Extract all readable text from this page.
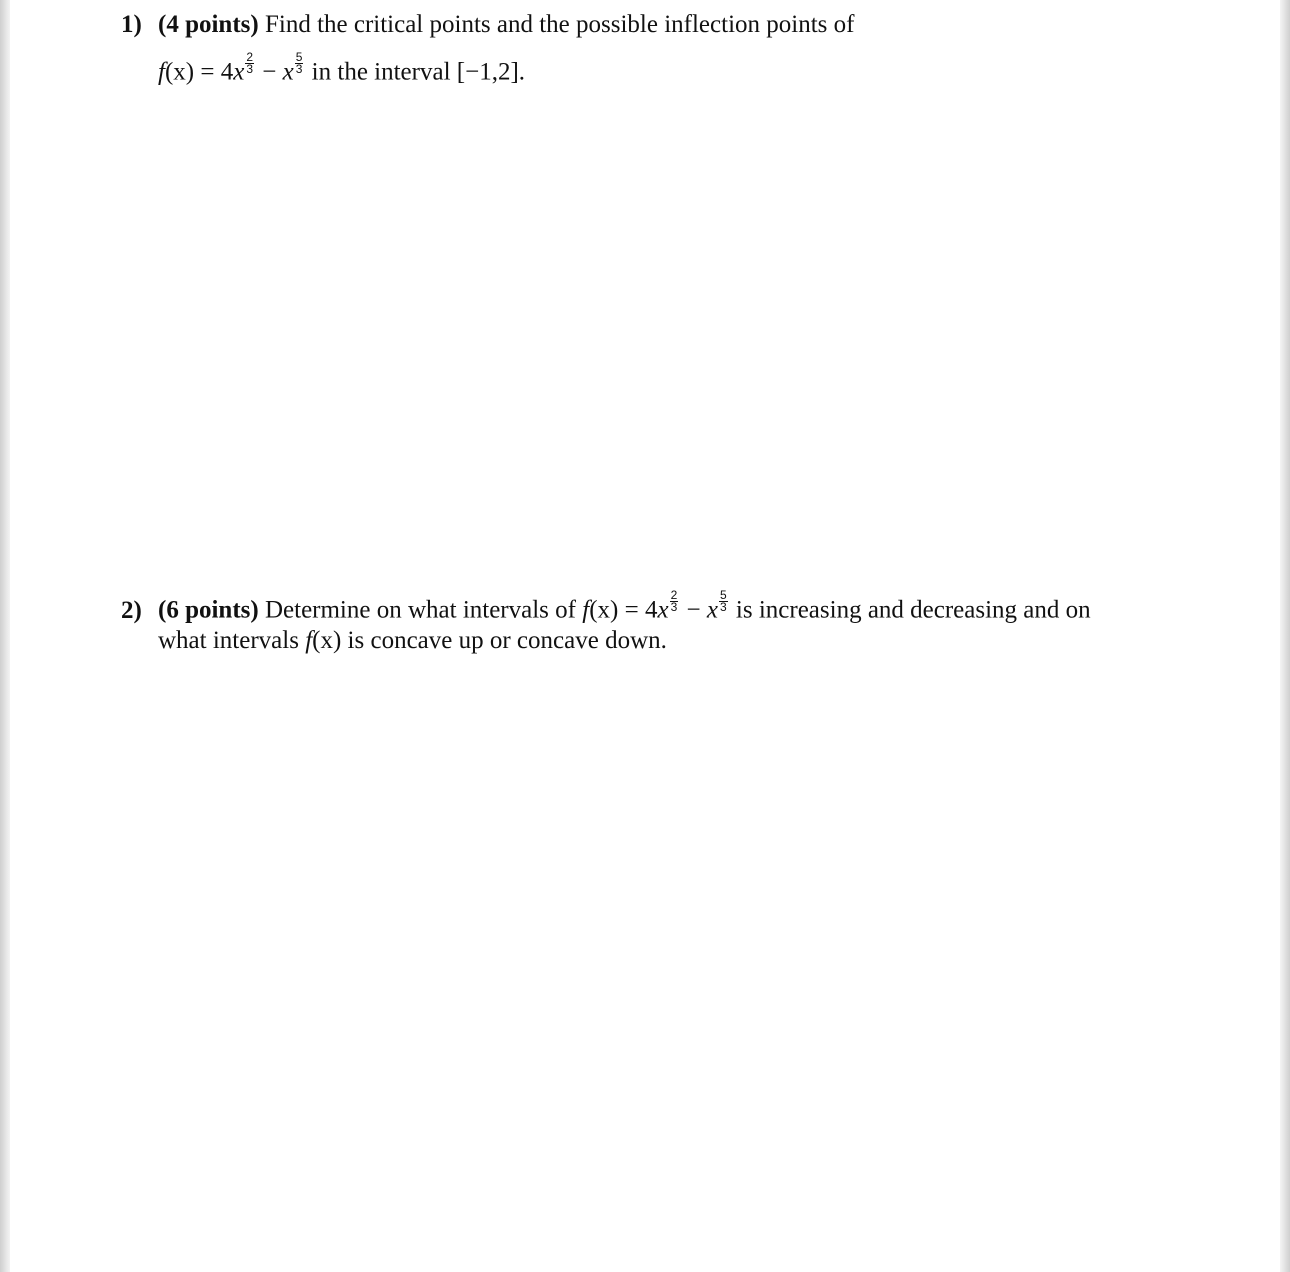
1) (4 points) Find the critical points and the possible inflection points of
$f(x) = 4x \frac{2}{3} - x \frac{5}{3}$ in the interval [−1,2].
2) (6 points) Determine on what intervals of $f(x) = 4x \frac{2}{3} - x \frac{5}{3}$ is increasing and decreasing and on
what intervals f(x) is concave up or concave down.
